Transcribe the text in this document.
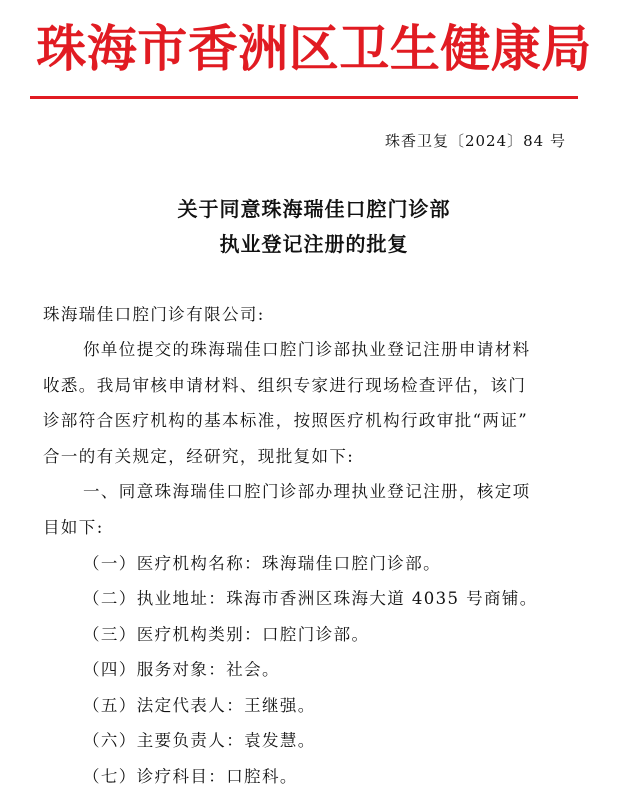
珠海市香洲区卫生健康局
珠香卫复〔2024〕84 号
关于同意珠海瑞佳口腔门诊部
执业登记注册的批复
珠海瑞佳口腔门诊有限公司:
你单位提交的珠海瑞佳口腔门诊部执业登记注册申请材料
收悉。我局审核申请材料、组织专家进行现场检查评估，该门
诊部符合医疗机构的基本标准，按照医疗机构行政审批“两证”
合一的有关规定，经研究，现批复如下:
一、同意珠海瑞佳口腔门诊部办理执业登记注册，核定项
目如下:
（一）医疗机构名称：珠海瑞佳口腔门诊部。
（二）执业地址：珠海市香洲区珠海大道 4035 号商铺。
（三）医疗机构类别：口腔门诊部。
（四）服务对象：社会。
（五）法定代表人：王继强。
（六）主要负责人：袁发慧。
（七）诊疗科目：口腔科。
